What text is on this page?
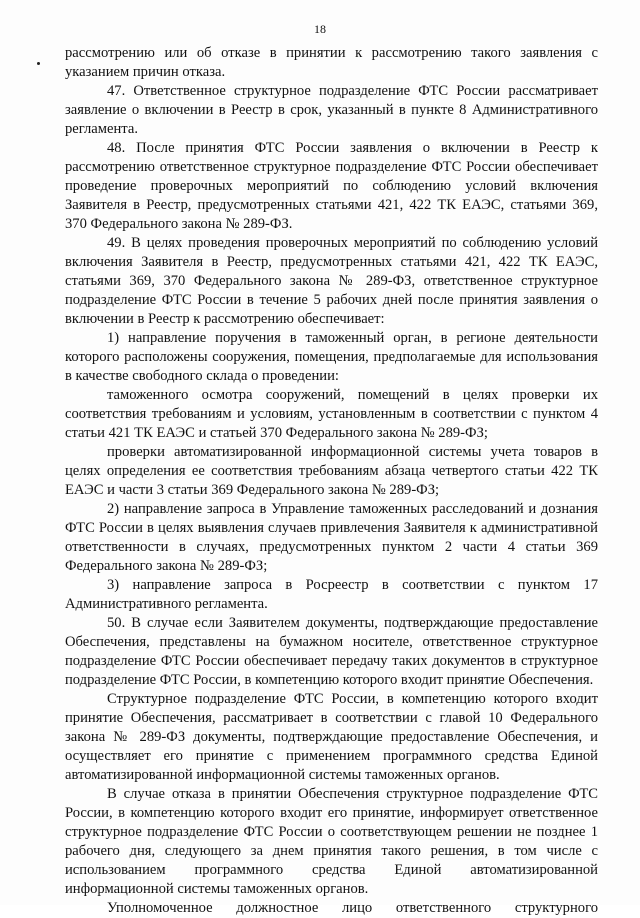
18

рассмотрению или об отказе в принятии к рассмотрению такого заявления с указанием причин отказа.

47. Ответственное структурное подразделение ФТС России рассматривает заявление о включении в Реестр в срок, указанный в пункте 8 Административного регламента.

48. После принятия ФТС России заявления о включении в Реестр к рассмотрению ответственное структурное подразделение ФТС России обеспечивает проведение проверочных мероприятий по соблюдению условий включения Заявителя в Реестр, предусмотренных статьями 421, 422 ТК ЕАЭС, статьями 369, 370 Федерального закона № 289-ФЗ.

49. В целях проведения проверочных мероприятий по соблюдению условий включения Заявителя в Реестр, предусмотренных статьями 421, 422 ТК ЕАЭС, статьями 369, 370 Федерального закона № 289-ФЗ, ответственное структурное подразделение ФТС России в течение 5 рабочих дней после принятия заявления о включении в Реестр к рассмотрению обеспечивает:

1) направление поручения в таможенный орган, в регионе деятельности которого расположены сооружения, помещения, предполагаемые для использования в качестве свободного склада о проведении:

таможенного осмотра сооружений, помещений в целях проверки их соответствия требованиям и условиям, установленным в соответствии с пунктом 4 статьи 421 ТК ЕАЭС и статьей 370 Федерального закона № 289-ФЗ;

проверки автоматизированной информационной системы учета товаров в целях определения ее соответствия требованиям абзаца четвертого статьи 422 ТК ЕАЭС и части 3 статьи 369 Федерального закона № 289-ФЗ;

2) направление запроса в Управление таможенных расследований и дознания ФТС России в целях выявления случаев привлечения Заявителя к административной ответственности в случаях, предусмотренных пунктом 2 части 4 статьи 369 Федерального закона № 289-ФЗ;

3) направление запроса в Росреестр в соответствии с пунктом 17 Административного регламента.

50. В случае если Заявителем документы, подтверждающие предоставление Обеспечения, представлены на бумажном носителе, ответственное структурное подразделение ФТС России обеспечивает передачу таких документов в структурное подразделение ФТС России, в компетенцию которого входит принятие Обеспечения.

Структурное подразделение ФТС России, в компетенцию которого входит принятие Обеспечения, рассматривает в соответствии с главой 10 Федерального закона № 289-ФЗ документы, подтверждающие предоставление Обеспечения, и осуществляет его принятие с применением программного средства Единой автоматизированной информационной системы таможенных органов.

В случае отказа в принятии Обеспечения структурное подразделение ФТС России, в компетенцию которого входит его принятие, информирует ответственное структурное подразделение ФТС России о соответствующем решении не позднее 1 рабочего дня, следующего за днем принятия такого решения, в том числе с использованием программного средства Единой автоматизированной информационной системы таможенных органов.

Уполномоченное должностное лицо ответственного структурного
